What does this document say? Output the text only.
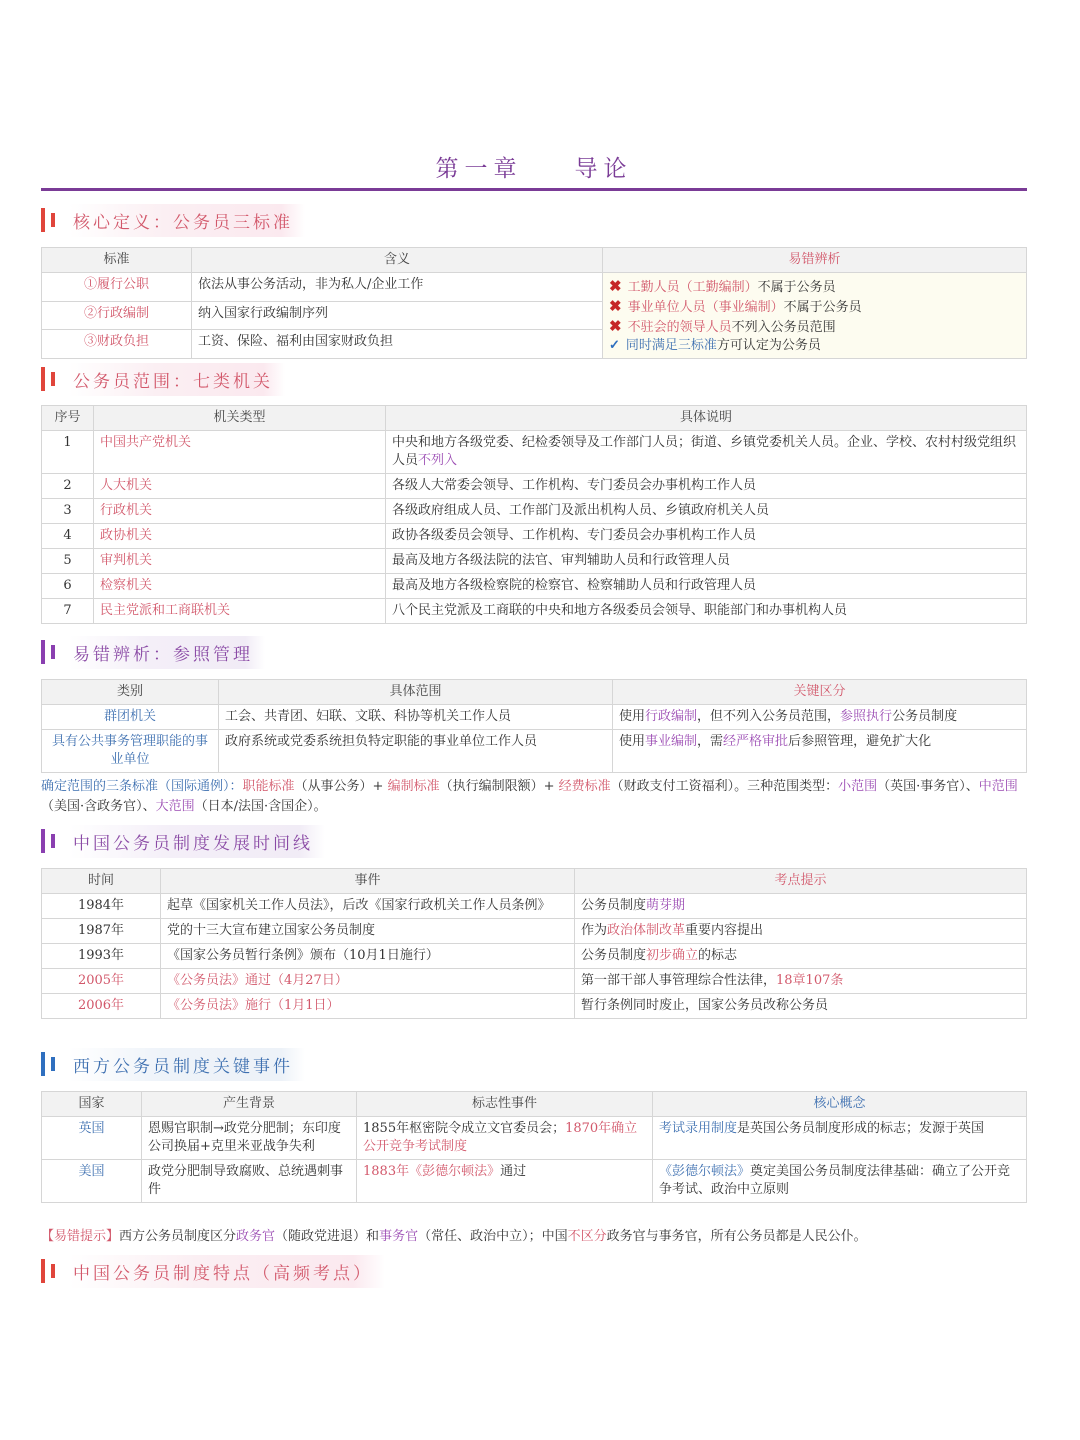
第一章 导论
核心定义：公务员三标准
标准	含义	易错辨析
①履行公职	依法从事公务活动，非为私人/企业工作	✖ 工勤人员（工勤编制）不属于公务员
✖ 事业单位人员（事业编制）不属于公务员
✖ 不驻会的领导人员不列入公务员范围
✓ 同时满足三标准方可认定为公务员

②行政编制	纳入国家行政编制序列	
③财政负担	工资、保险、福利由国家财政负担	
公务员范围：七类机关
序号	机关类型	具体说明
1	中国共产党机关	中央和地方各级党委、纪检委领导及工作部门人员；街道、乡镇党委机关人员。企业、学校、农村村级党组织人员不列入
2	人大机关	各级人大常委会领导、工作机构、专门委员会办事机构工作人员
3	行政机关	各级政府组成人员、工作部门及派出机构人员、乡镇政府机关人员
4	政协机关	政协各级委员会领导、工作机构、专门委员会办事机构工作人员
5	审判机关	最高及地方各级法院的法官、审判辅助人员和行政管理人员
6	检察机关	最高及地方各级检察院的检察官、检察辅助人员和行政管理人员
7	民主党派和工商联机关	八个民主党派及工商联的中央和地方各级委员会领导、职能部门和办事机构人员
易错辨析：参照管理
类别	具体范围	关键区分
群团机关	工会、共青团、妇联、文联、科协等机关工作人员	使用行政编制，但不列入公务员范围，参照执行公务员制度
具有公共事务管理职能的事业单位	政府系统或党委系统担负特定职能的事业单位工作人员	使用事业编制，需经严格审批后参照管理，避免扩大化
确定范围的三条标准（国际通例）：职能标准（从事公务）+ 编制标准（执行编制限额）+ 经费标准（财政支付工资福利）。三种范围类型：小范围（英国·事务官）、中范围（美国·含政务官）、大范围（日本/法国·含国企）。
中国公务员制度发展时间线
时间	事件	考点提示
1984年	起草《国家机关工作人员法》，后改《国家行政机关工作人员条例》	公务员制度萌芽期
1987年	党的十三大宣布建立国家公务员制度	作为政治体制改革重要内容提出
1993年	《国家公务员暂行条例》颁布（10月1日施行）	公务员制度初步确立的标志
2005年	《公务员法》通过（4月27日）	第一部干部人事管理综合性法律，18章107条
2006年	《公务员法》施行（1月1日）	暂行条例同时废止，国家公务员改称公务员
西方公务员制度关键事件
国家	产生背景	标志性事件	核心概念
英国	恩赐官职制→政党分肥制；东印度公司换届+克里米亚战争失利	1855年枢密院令成立文官委员会；1870年确立公开竞争考试制度	考试录用制度是英国公务员制度形成的标志；发源于英国
美国	政党分肥制导致腐败、总统遇刺事件	1883年《彭德尔顿法》通过	《彭德尔顿法》奠定美国公务员制度法律基础：确立了公开竞争考试、政治中立原则
【易错提示】西方公务员制度区分政务官（随政党进退）和事务官（常任、政治中立）；中国不区分政务官与事务官，所有公务员都是人民公仆。
中国公务员制度特点（高频考点）
